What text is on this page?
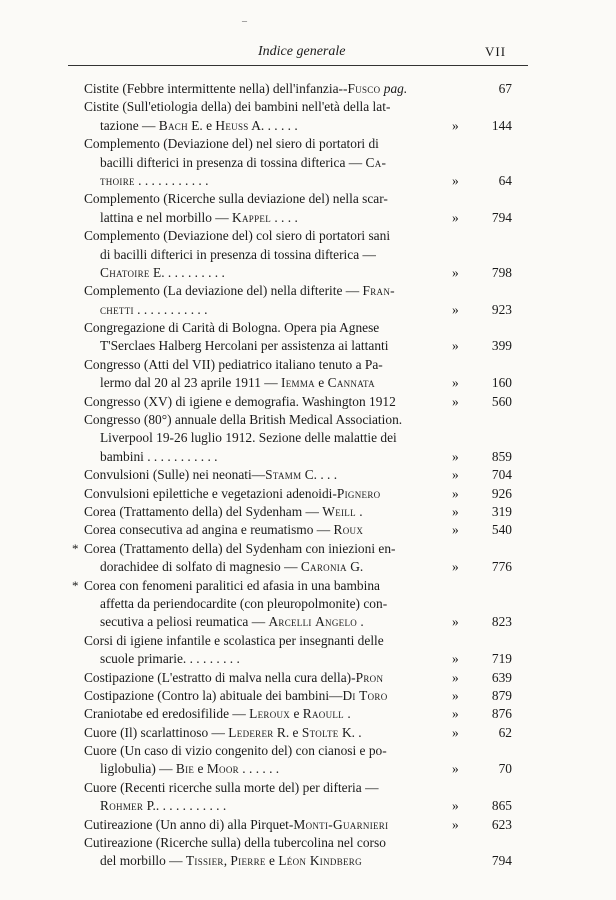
–
Indice generale	VII
Cistite (Febbre intermittente nella) dell'infanzia--Fusco pag.	67
Cistite (Sull'etiologia della) dei bambini nell'età della lat-
tazione — Bach E. e Heuss A. . . . . .	» 144
Complemento (Deviazione del) nel siero di portatori di
bacilli difterici in presenza di tossina difterica — Ca-
thoire . . . . . . . . . . .	»	64
Complemento (Ricerche sulla deviazione del) nella scar-
lattina e nel morbillo — Kappel . . . .	» 794
Complemento (Deviazione del) col siero di portatori sani
di bacilli difterici in presenza di tossina difterica —
Chatoire E. . . . . . . . . .	» 798
Complemento (La deviazione del) nella difterite — Fran-
chetti . . . . . . . . . . .	» 923
Congregazione di Carità di Bologna. Opera pia Agnese
T'Serclaes Halberg Hercolani per assistenza ai lattanti	» 399
Congresso (Atti del VII) pediatrico italiano tenuto a Pa-
lermo dal 20 al 23 aprile 1911 — Iemma e Cannata	» 160
Congresso (XV) di igiene e demografia. Washington 1912	» 560
Congresso (80°) annuale della British Medical Association.
Liverpool 19-26 luglio 1912. Sezione delle malattie dei
bambini . . . . . . . . . . .	» 859
Convulsioni (Sulle) nei neonati—Stamm C. . . .	» 704
Convulsioni epilettiche e vegetazioni adenoidi-Pignero	» 926
Corea (Trattamento della) del Sydenham — Weill .	» 319
Corea consecutiva ad angina e reumatismo — Roux	» 540
* Corea (Trattamento della) del Sydenham con iniezioni en-
dorachidee di solfato di magnesio — Caronia G.	» 776
* Corea con fenomeni paralitici ed afasia in una bambina
affetta da periendocardite (con pleuropolmonite) con-
secutiva a peliosi reumatica — Arcelli Angelo .	» 823
Corsi di igiene infantile e scolastica per insegnanti delle
scuole primarie. . . . . . . . .	» 719
Costipazione (L'estratto di malva nella cura della)-Pron	» 639
Costipazione (Contro la) abituale dei bambini—Di Toro	» 879
Craniotabe ed eredosifilide — Leroux e Raoull .	» 876
Cuore (Il) scarlattinoso — Lederer R. e Stolte K. .	»	62
Cuore (Un caso di vizio congenito del) con cianosi e po-
liglobulia) — Bie e Moor . . . . . .	»	70
Cuore (Recenti ricerche sulla morte del) per difteria —
Rohmer P.. . . . . . . . . . .	» 865
Cutireazione (Un anno di) alla Pirquet-Monti-Guarnieri	» 623
Cutireazione (Ricerche sulla) della tubercolina nel corso
del morbillo — Tissier, Pierre e Léon Kindberg	794
